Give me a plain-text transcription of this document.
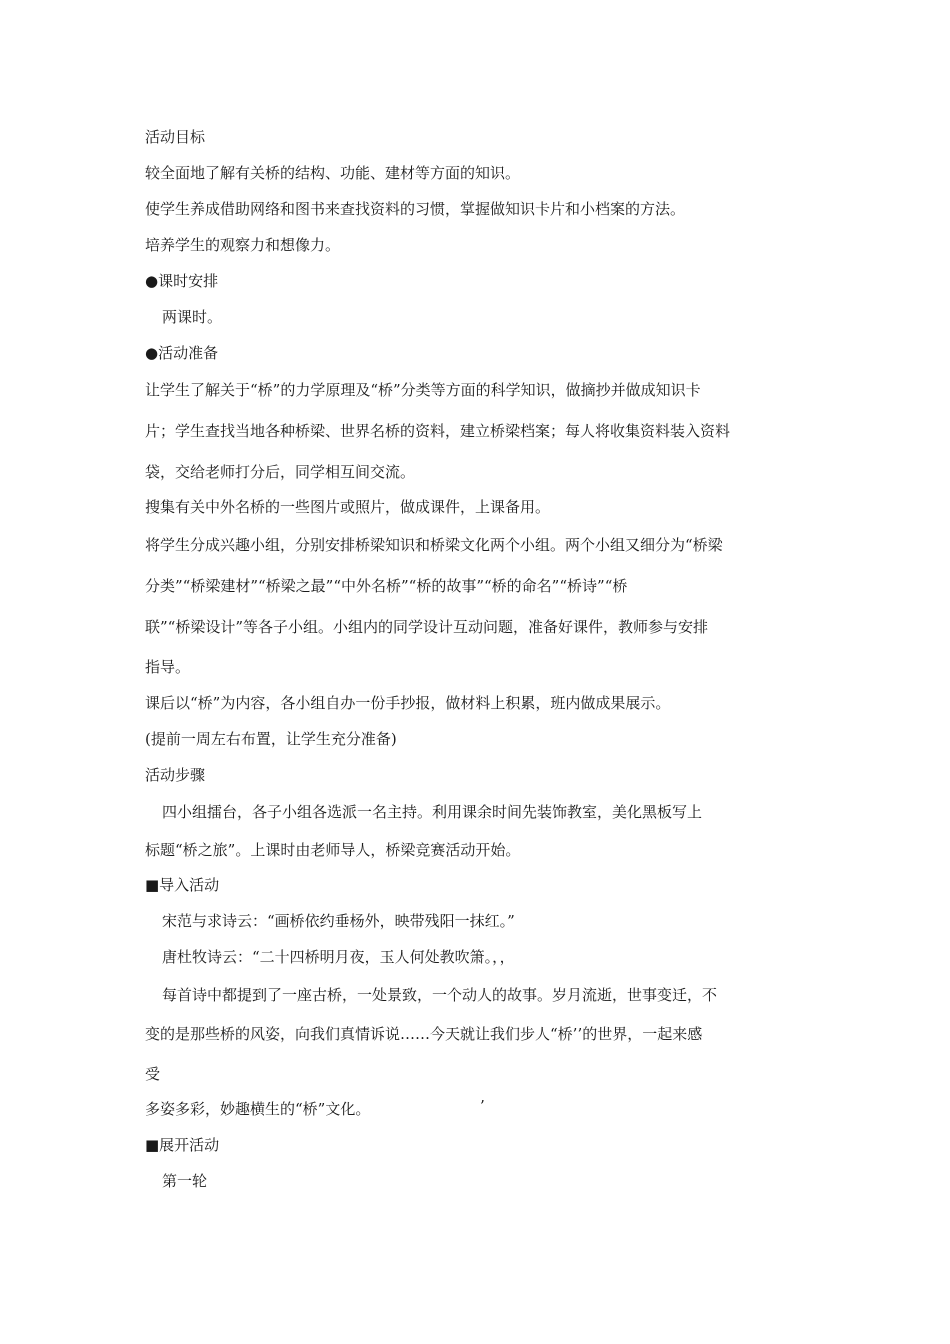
活动目标
较全面地了解有关桥的结构、功能、建材等方面的知识。
使学生养成借助网络和图书来查找资料的习惯，掌握做知识卡片和小档案的方法。
培养学生的观察力和想像力。
●课时安排
两课时。
●活动准备
让学生了解关于“桥”的力学原理及“桥”分类等方面的科学知识，做摘抄并做成知识卡
片；学生查找当地各种桥梁、世界名桥的资料，建立桥梁档案；每人将收集资料装入资料
袋，交给老师打分后，同学相互间交流。
搜集有关中外名桥的一些图片或照片，做成课件，上课备用。
将学生分成兴趣小组，分别安排桥梁知识和桥梁文化两个小组。两个小组又细分为“桥梁
分类”“桥梁建材”“桥梁之最”“中外名桥”“桥的故事”“桥的命名”“桥诗”“桥
联”“桥梁设计”等各子小组。小组内的同学设计互动问题，准备好课件，教师参与安排
指导。
课后以“桥”为内容，各小组自办一份手抄报，做材料上积累，班内做成果展示。
(提前一周左右布置，让学生充分准备)
活动步骤
四小组擂台，各子小组各选派一名主持。利用课余时间先装饰教室，美化黑板写上
标题“桥之旅”。上课时由老师导人，桥梁竞赛活动开始。
■导入活动
宋范与求诗云：“画桥依约垂杨外，映带残阳一抹红。”
唐杜牧诗云：“二十四桥明月夜，玉人何处教吹箫。，，
每首诗中都提到了一座古桥，一处景致，一个动人的故事。岁月流逝，世事变迁，不
变的是那些桥的风姿，向我们真情诉说……今天就让我们步人“桥’’的世界，一起来感
受
多姿多彩，妙趣横生的“桥”文化。	’
■展开活动
第一轮
